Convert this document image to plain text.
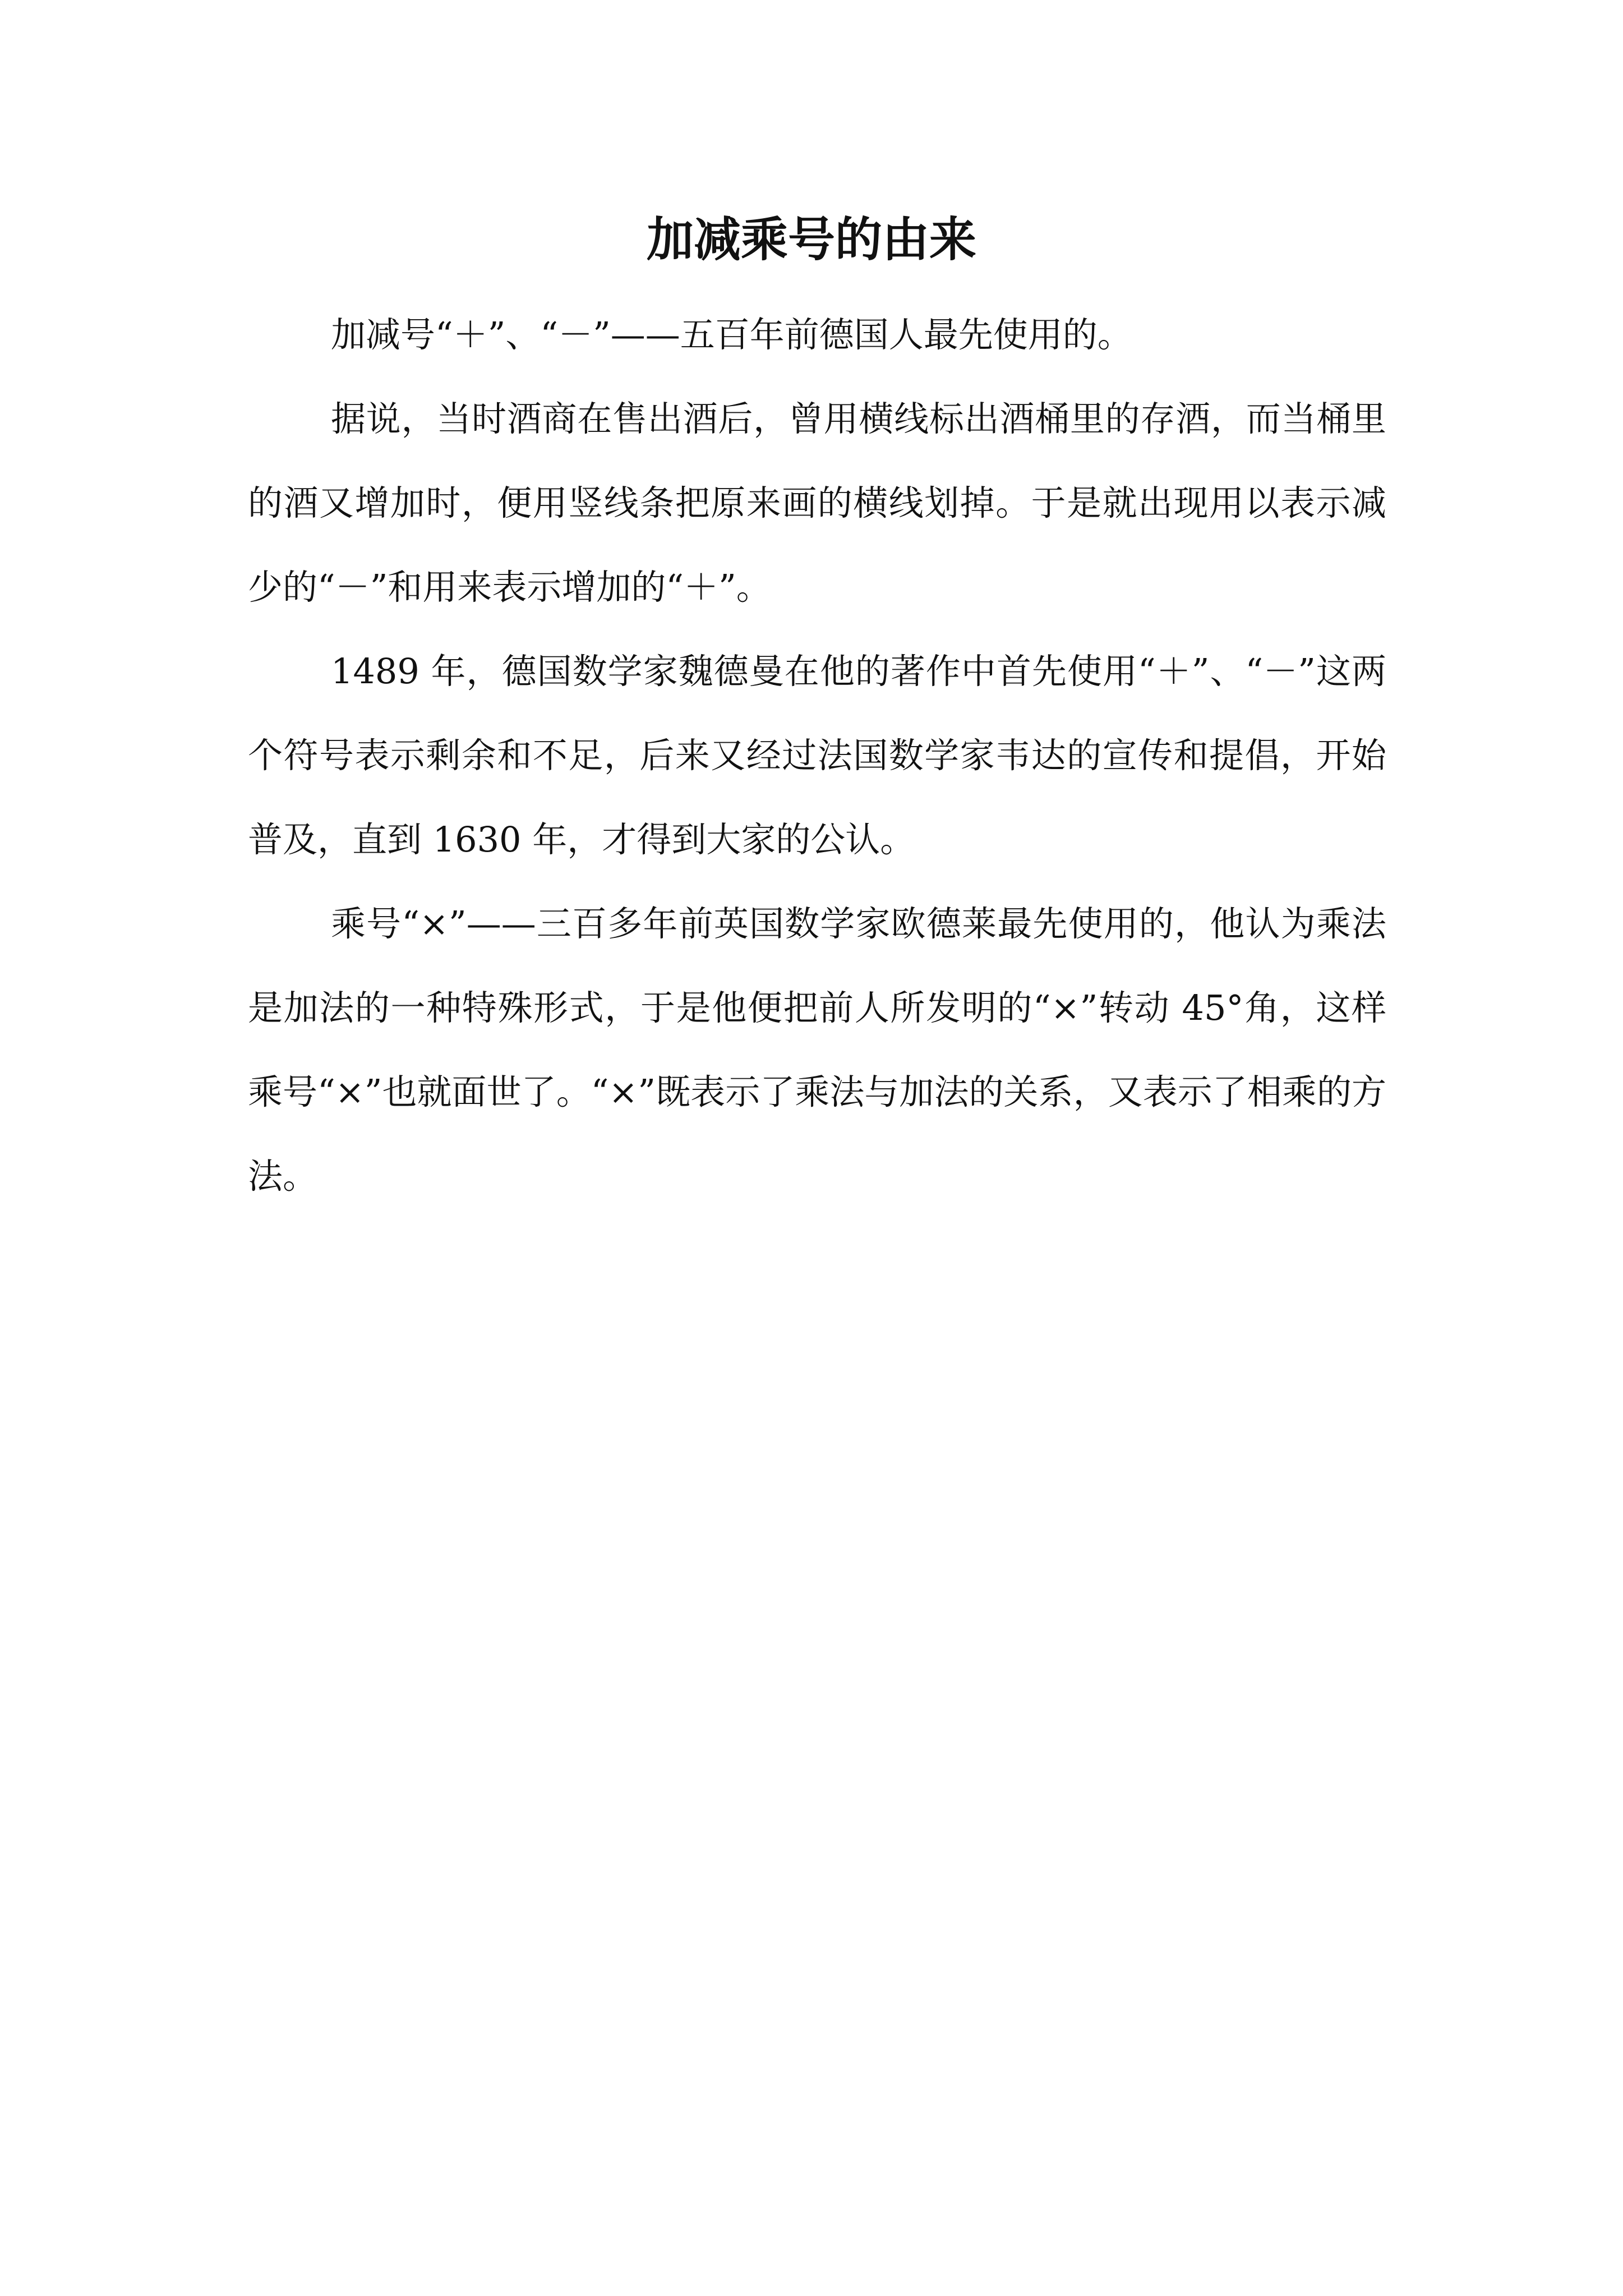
加减乘号的由来

加减号“＋”、“－”——五百年前德国人最先使用的。

据说，当时酒商在售出酒后，曾用横线标出酒桶里的存酒，而当桶里的酒又增加时，便用竖线条把原来画的横线划掉。于是就出现用以表示减少的“－”和用来表示增加的“＋”。

1489 年，德国数学家魏德曼在他的著作中首先使用“＋”、“－”这两个符号表示剩余和不足，后来又经过法国数学家韦达的宣传和提倡，开始普及，直到 1630 年，才得到大家的公认。

乘号“×”——三百多年前英国数学家欧德莱最先使用的，他认为乘法是加法的一种特殊形式，于是他便把前人所发明的“×”转动 45°角，这样乘号“×”也就面世了。“×”既表示了乘法与加法的关系，又表示了相乘的方法。
